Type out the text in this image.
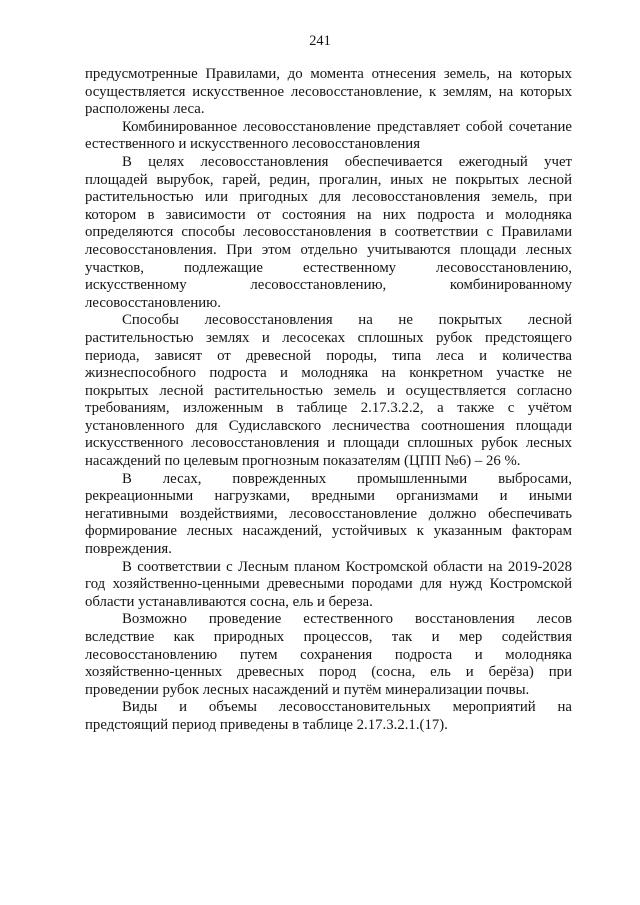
241
предусмотренные Правилами, до момента отнесения земель, на которых
осуществляется искусственное лесовосстановление, к землям, на которых
расположены леса.
Комбинированное лесовосстановление представляет собой сочетание
естественного и искусственного лесовосстановления
В целях лесовосстановления обеспечивается ежегодный учет
площадей вырубок, гарей, редин, прогалин, иных не покрытых лесной
растительностью или пригодных для лесовосстановления земель, при
котором в зависимости от состояния на них подроста и молодняка
определяются способы лесовосстановления в соответствии с Правилами
лесовосстановления. При этом отдельно учитываются площади лесных
участков, подлежащие естественному лесовосстановлению,
искусственному лесовосстановлению, комбинированному
лесовосстановлению.
Способы лесовосстановления на не покрытых лесной
растительностью землях и лесосеках сплошных рубок предстоящего
периода, зависят от древесной породы, типа леса и количества
жизнеспособного подроста и молодняка на конкретном участке не
покрытых лесной растительностью земель и осуществляется согласно
требованиям, изложенным в таблице 2.17.3.2.2, а также с учётом
установленного для Судиславского лесничества соотношения площади
искусственного лесовосстановления и площади сплошных рубок лесных
насаждений по целевым прогнозным показателям (ЦПП №6) – 26 %.
В лесах, поврежденных промышленными выбросами,
рекреационными нагрузками, вредными организмами и иными
негативными воздействиями, лесовосстановление должно обеспечивать
формирование лесных насаждений, устойчивых к указанным факторам
повреждения.
В соответствии с Лесным планом Костромской области на 2019-2028
год хозяйственно-ценными древесными породами для нужд Костромской
области устанавливаются сосна, ель и береза.
Возможно проведение естественного восстановления лесов
вследствие как природных процессов, так и мер содействия
лесовосстановлению путем сохранения подроста и молодняка
хозяйственно-ценных древесных пород (сосна, ель и берёза) при
проведении рубок лесных насаждений и путём минерализации почвы.
Виды и объемы лесовосстановительных мероприятий на
предстоящий период приведены в таблице 2.17.3.2.1.(17).
